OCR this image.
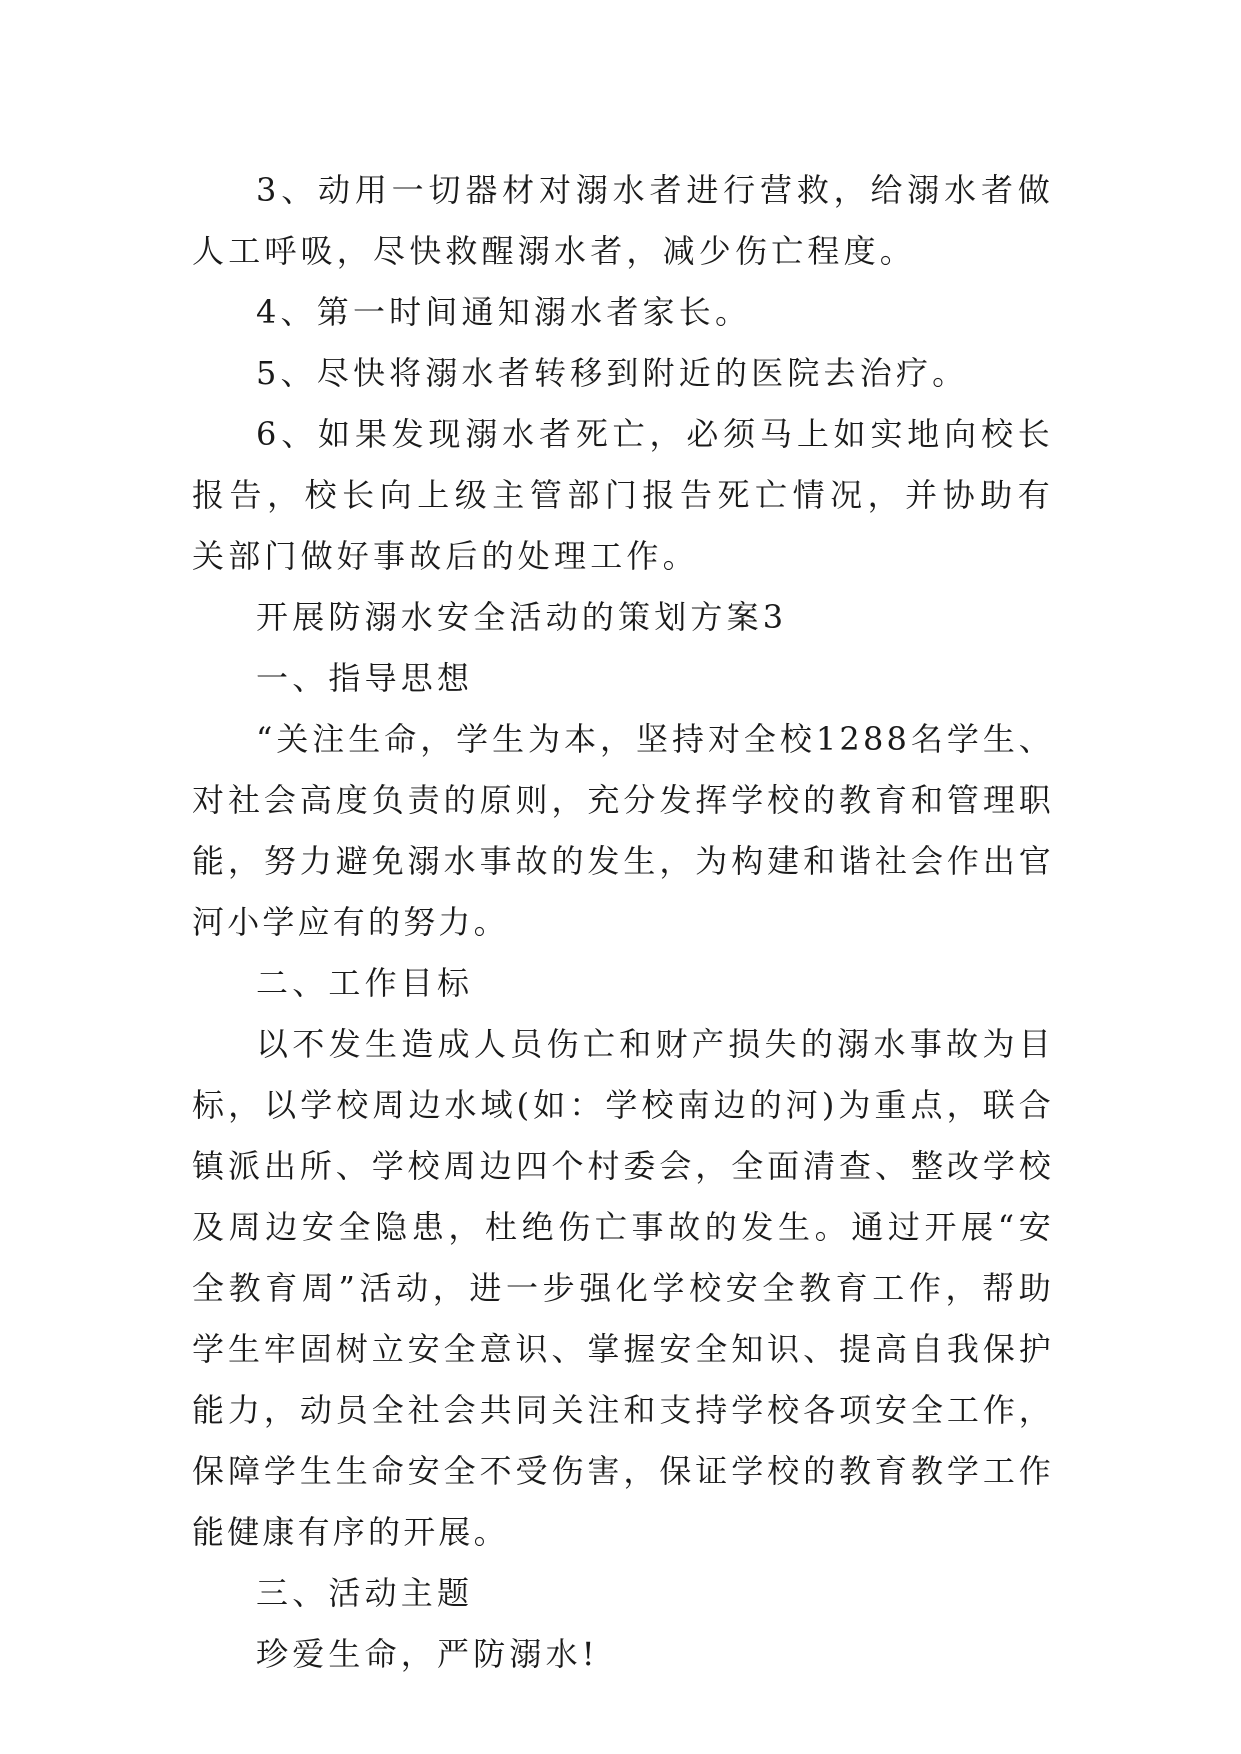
3、动用一切器材对溺水者进行营救，给溺水者做人工呼吸，尽快救醒溺水者，减少伤亡程度。

4、第一时间通知溺水者家长。

5、尽快将溺水者转移到附近的医院去治疗。

6、如果发现溺水者死亡，必须马上如实地向校长报告，校长向上级主管部门报告死亡情况，并协助有关部门做好事故后的处理工作。

开展防溺水安全活动的策划方案3

一、指导思想

“关注生命，学生为本，坚持对全校1288名学生、对社会高度负责的原则，充分发挥学校的教育和管理职能，努力避免溺水事故的发生，为构建和谐社会作出官河小学应有的努力。

二、工作目标

以不发生造成人员伤亡和财产损失的溺水事故为目标，以学校周边水域(如：学校南边的河)为重点，联合镇派出所、学校周边四个村委会，全面清查、整改学校及周边安全隐患，杜绝伤亡事故的发生。通过开展“安全教育周”活动，进一步强化学校安全教育工作，帮助学生牢固树立安全意识、掌握安全知识、提高自我保护能力，动员全社会共同关注和支持学校各项安全工作，保障学生生命安全不受伤害，保证学校的教育教学工作能健康有序的开展。

三、活动主题

珍爱生命，严防溺水!
